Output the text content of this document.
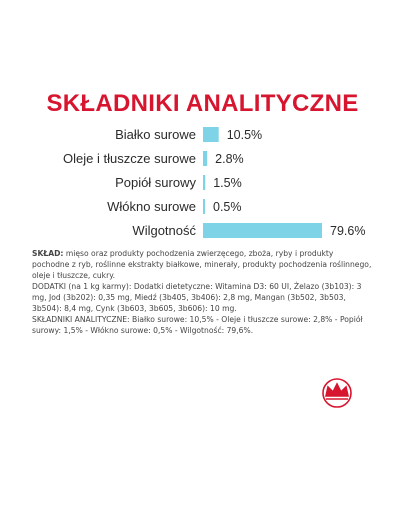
SKŁADNIKI ANALITYCZNE
Białko surowe 10.5%
Oleje i tłuszcze surowe 2.8%
Popiół surowy 1.5%
Włókno surowe 0.5%
Wilgotność	79.6%

SKŁAD: mięso oraz produkty pochodzenia zwierzęcego, zboża, ryby i produkty pochodne z ryb, roślinne ekstrakty białkowe, minerały, produkty pochodzenia roślinnego, oleje i tłuszcze, cukry.

DODATKI (na 1 kg karmy): Dodatki dietetyczne: Witamina D3: 60 UI, Żelazo (3b103): 3 mg, Jod (3b202): 0,35 mg, Miedź (3b405, 3b406): 2,8 mg, Mangan (3b502, 3b503, 3b504): 8,4 mg, Cynk (3b603, 3b605, 3b606): 10 mg.

SKŁADNIKI ANALITYCZNE: Białko surowe: 10,5% - Oleje i tłuszcze surowe: 2,8% - Popiół surowy: 1,5% - Włókno surowe: 0,5% - Wilgotność: 79,6%.
